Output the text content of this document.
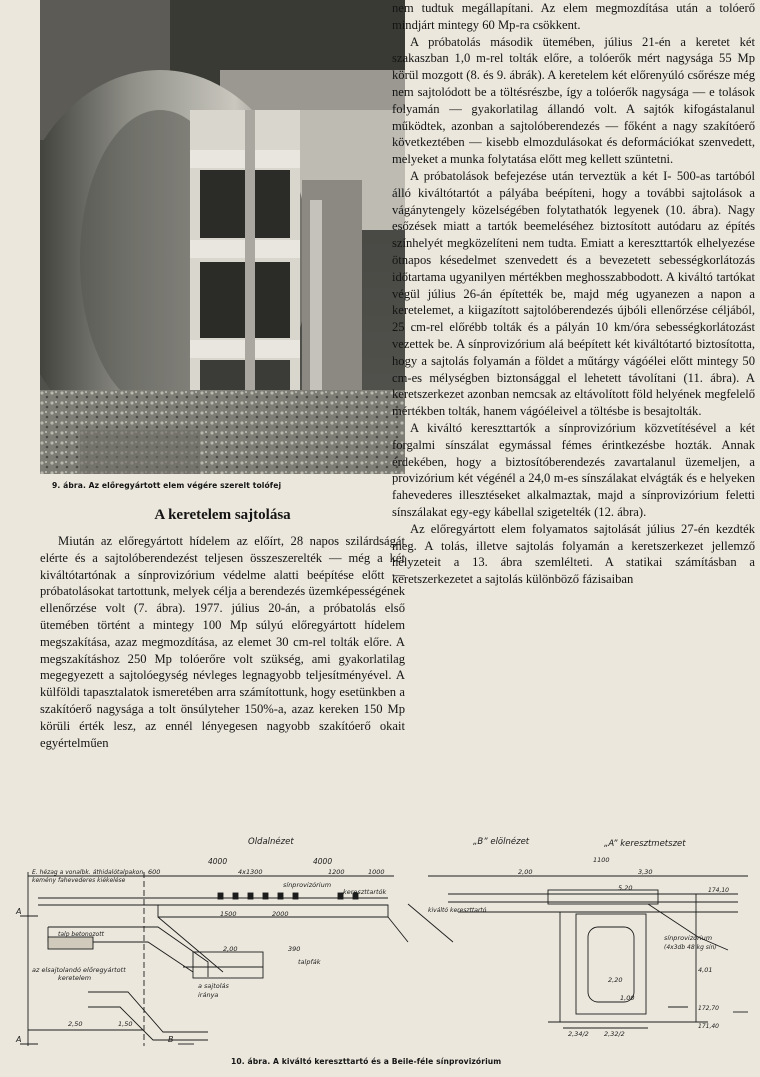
9. ábra. Az előregyártott elem végére szerelt tolófej
A keretelem sajtolása

Miután az előregyártott hídelem az előírt, 28 napos szilárdságát elérte és a sajtolóberendezést teljesen összeszerelték — még a két kiváltótartónak a sínprovizórium védelme alatti beépítése előtt — próbatolásokat tartottunk, melyek célja a berendezés üzemképességének ellenőrzése volt (7. ábra). 1977. július 20-án, a próbatolás első ütemében történt a mintegy 100 Mp súlyú előregyártott hídelem megszakítása, azaz megmozdítása, az elemet 30 cm-rel tolták előre. A megszakításhoz 250 Mp tolóerőre volt szükség, ami gyakorlatilag megegyezett a sajtolóegység névleges legnagyobb teljesítményével. A külföldi tapasztalatok ismeretében arra számítottunk, hogy esetünkben a szakítóerő nagysága a tolt önsúlyteher 150%-a, azaz kereken 150 Mp körüli érték lesz, az ennél lényegesen nagyobb szakítóerő okait egyértelműen

nem tudtuk megállapítani. Az elem megmozdítása után a tolóerő mindjárt mintegy 60 Mp-ra csökkent.

A próbatolás második ütemében, július 21-én a keretet két szakaszban 1,0 m-rel tolták előre, a tolóerők mért nagysága 55 Mp körül mozgott (8. és 9. ábrák). A keretelem két előrenyúló csőrésze még nem sajtolódott be a töltésrészbe, így a tolóerők nagysága — e tolások folyamán — gyakorlatilag állandó volt. A sajtók kifogástalanul működtek, azonban a sajtolóberendezés — főként a nagy szakítóerő következtében — kisebb elmozdulásokat és deformációkat szenvedett, melyeket a munka folytatása előtt meg kellett szüntetni.

A próbatolások befejezése után terveztük a két I- 500-as tartóból álló kiváltótartót a pályába beépíteni, hogy a további sajtolások a vágánytengely közelségében folytathatók legyenek (10. ábra). Nagy esőzések miatt a tartók beemeléséhez biztosított autódaru az építés színhelyét megközelíteni nem tudta. Emiatt a kereszttartók elhelyezése ötnapos késedelmet szenvedett és a bevezetett sebességkorlátozás időtartama ugyanilyen mértékben meghosszabbodott. A kiváltó tartókat végül július 26-án építették be, majd még ugyanezen a napon a keretelemet, a kiigazított sajtolóberendezés újbóli ellenőrzése céljából, 25 cm-rel előrébb tolták és a pályán 10 km/óra sebességkorlátozást vezettek be. A sínprovizórium alá beépített két kiváltótartó biztosította, hogy a sajtolás folyamán a földet a műtárgy vágóélei előtt mintegy 50 cm-es mélységben biztonsággal el lehetett távolítani (11. ábra). A keretszerkezet azonban nemcsak az eltávolított föld helyének megfelelő mértékben tolták, hanem vágóéleivel a töltésbe is besajtolták.

A kiváltó kereszttartók a sínprovizórium közvetítésével a két forgalmi sínszálat egymással fémes érintkezésbe hozták. Annak érdekében, hogy a biztosítóberendezés zavartalanul üzemeljen, a provizórium két végénél a 24,0 m-es sínszálakat elvágták és e helyeken fahevederes illesztéseket alkalmaztak, majd a sínprovizórium feletti sínszálakat egy-egy kábellal szigetelték (12. ábra).

Az előregyártott elem folyamatos sajtolását július 27-én kezdték meg. A tolás, illetve sajtolás folyamán a keretszerkezet jellemző helyzeteit a 13. ábra szemlélteti. A statikai számításban a keretszerkezetet a sajtolás különböző fázisaiban

Oldalnézet	„B” elölnézet	„A” keresztmetszet
4000	4000
E. hézag a vonalbk. áthidalótalpakon
kemény fahevederes kiékelése
600	4x1300	1200	1000
sínprovizórium
kereszttartók
1500	2000
2,00	390
talpfák
talp betonozott
az elsajtolandó előregyártott
keretelem
a sajtolás
iránya
2,50	1,50
A
A	B
1100
2,00	3,30
5,20
kiváltó kereszttartó
sínprovizórium
(4x3db 48 kg sín)
2,20
1,00
4,01
2,34/2 2,32/2
172,70
171,40
174,10
10. ábra. A kiváltó kereszttartó és a Beile-féle sínprovizórium
